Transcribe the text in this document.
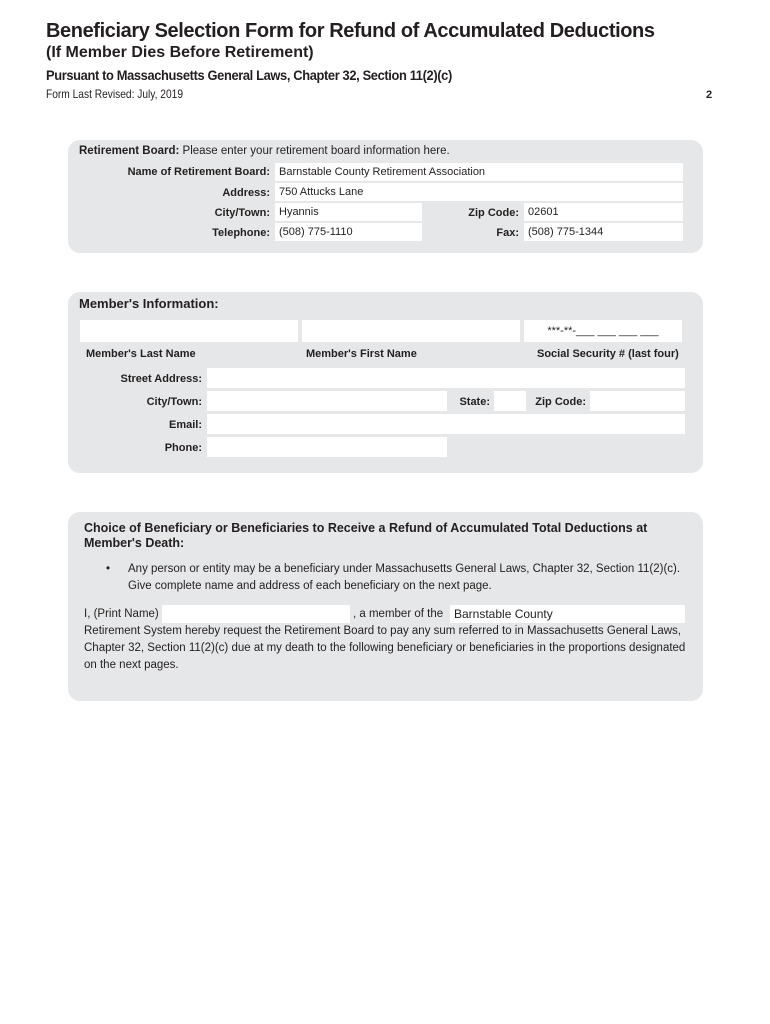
Beneficiary Selection Form for Refund of Accumulated Deductions
(If Member Dies Before Retirement)
Pursuant to Massachusetts General Laws, Chapter 32, Section 11(2)(c)
Form Last Revised: July, 2019	2
Retirement Board: Please enter your retirement board information here.
Name of Retirement Board: Barnstable County Retirement Association
Address: 750 Attucks Lane
City/Town: Hyannis	Zip Code: 02601
Telephone: (508) 775-1110	Fax: (508) 775-1344
Member's Information:
***-**-___ ___ ___ ___
Member's Last Name	Member's First Name	Social Security # (last four)
Street Address:
City/Town:	State:	Zip Code:
Email:
Phone:
Choice of Beneficiary or Beneficiaries to Receive a Refund of Accumulated Total Deductions at Member's Death:
• Any person or entity may be a beneficiary under Massachusetts General Laws, Chapter 32, Section 11(2)(c). Give complete name and address of each beneficiary on the next page.
I, (Print Name)	, a member of the Barnstable County
Retirement System hereby request the Retirement Board to pay any sum referred to in Massachusetts General Laws, Chapter 32, Section 11(2)(c) due at my death to the following beneficiary or beneficiaries in the proportions designated on the next pages.
